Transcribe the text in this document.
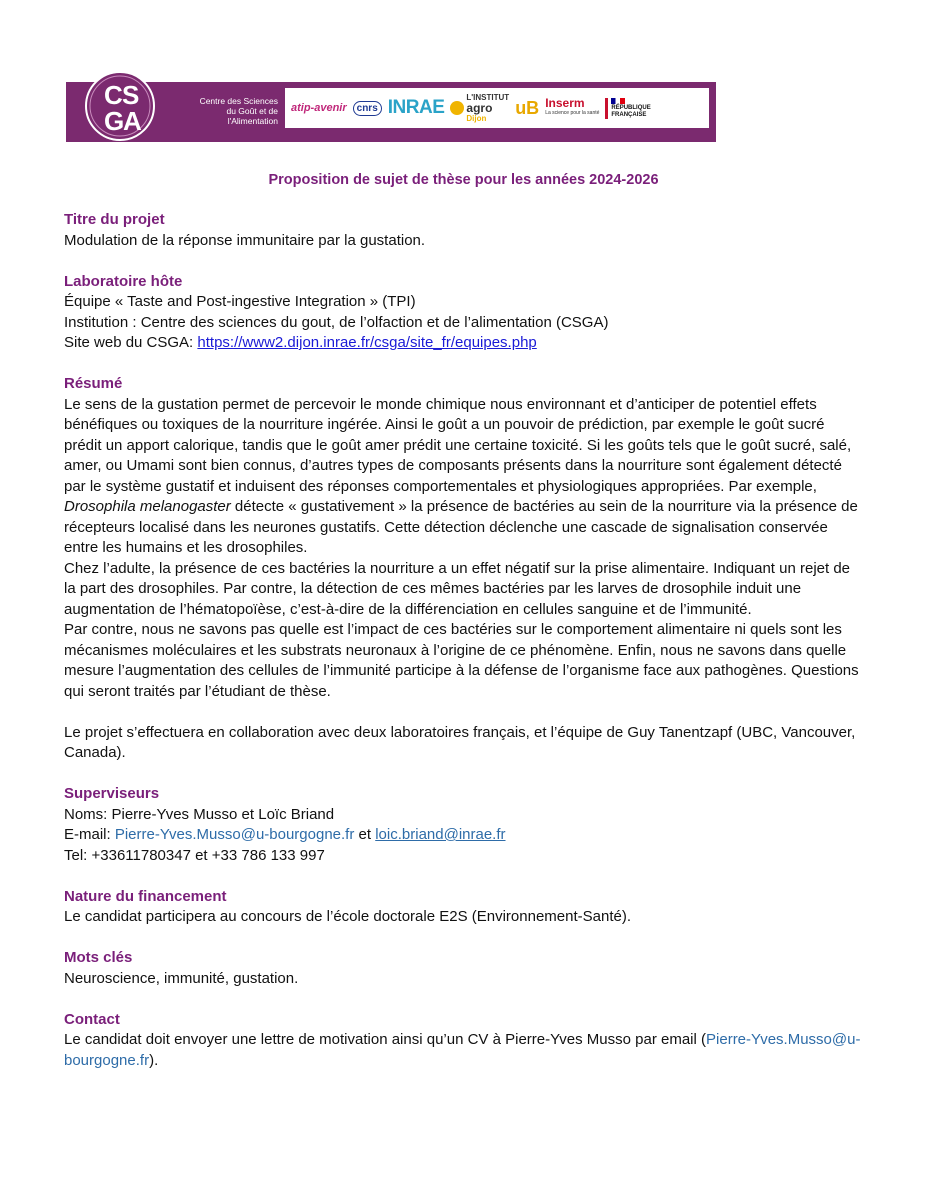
C S
G
A
Centre des Sciences
du Goût et de
l'Alimentation
atip-avenir	cnrs INRAE	L'INSTITUT
agro
Dijon
uB Inserm
La science pour la santé
RÉPUBLIQUE
FRANÇAISE
Proposition de sujet de thèse pour les années 2024-2026
Titre du projet

Modulation de la réponse immunitaire par la gustation.

Laboratoire hôte

Équipe « Taste and Post-ingestive Integration » (TPI)

Institution : Centre des sciences du gout, de l’olfaction et de l’alimentation (CSGA)

Site web du CSGA: https://www2.dijon.inrae.fr/csga/site_fr/equipes.php

Résumé

Le sens de la gustation permet de percevoir le monde chimique nous environnant et d’anticiper de potentiel effets bénéfiques ou toxiques de la nourriture ingérée. Ainsi le goût a un pouvoir de prédiction, par exemple le goût sucré prédit un apport calorique, tandis que le goût amer prédit une certaine toxicité. Si les goûts tels que le goût sucré, salé, amer, ou Umami sont bien connus, d’autres types de composants présents dans la nourriture sont également détecté par le système gustatif et induisent des réponses comportementales et physiologiques appropriées. Par exemple, Drosophila melanogaster détecte « gustativement » la présence de bactéries au sein de la nourriture via la présence de récepteurs localisé dans les neurones gustatifs. Cette détection déclenche une cascade de signalisation conservée entre les humains et les drosophiles.

Chez l’adulte, la présence de ces bactéries la nourriture a un effet négatif sur la prise alimentaire. Indiquant un rejet de la part des drosophiles. Par contre, la détection de ces mêmes bactéries par les larves de drosophile induit une augmentation de l’hématopoïèse, c’est-à-dire de la différenciation en cellules sanguine et de l’immunité.

Par contre, nous ne savons pas quelle est l’impact de ces bactéries sur le comportement alimentaire ni quels sont les mécanismes moléculaires et les substrats neuronaux à l’origine de ce phénomène. Enfin, nous ne savons dans quelle mesure l’augmentation des cellules de l’immunité participe à la défense de l’organisme face aux pathogènes. Questions qui seront traités par l’étudiant de thèse.

Le projet s’effectuera en collaboration avec deux laboratoires français, et l’équipe de Guy Tanentzapf (UBC, Vancouver, Canada).

Superviseurs

Noms: Pierre-Yves Musso et Loïc Briand

E-mail: Pierre-Yves.Musso@u-bourgogne.fr et loic.briand@inrae.fr

Tel: +33611780347 et +33 786 133 997

Nature du financement

Le candidat participera au concours de l’école doctorale E2S (Environnement-Santé).

Mots clés

Neuroscience, immunité, gustation.

Contact

Le candidat doit envoyer une lettre de motivation ainsi qu’un CV à Pierre-Yves Musso par email (Pierre-Yves.Musso@u-bourgogne.fr).
